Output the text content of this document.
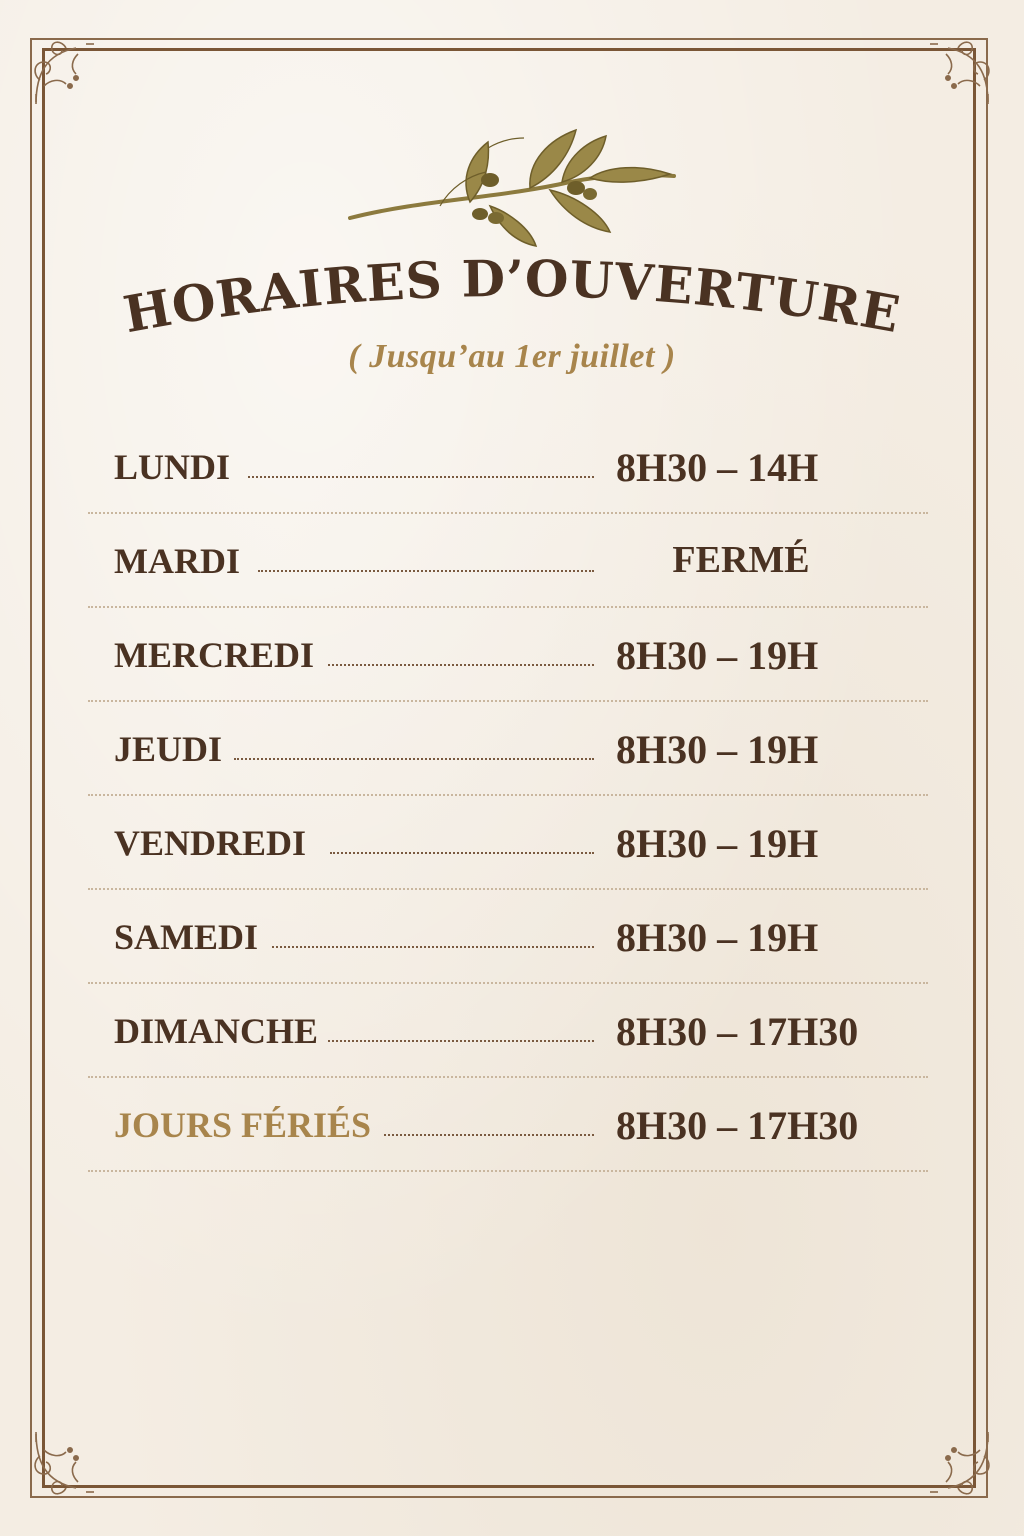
HORAIRES D’OUVERTURE
( Jusqu’au 1er juillet )
LUNDI	8H30 – 14H
MARDI	FERMÉ
MERCREDI	8H30 – 19H
JEUDI	8H30 – 19H
VENDREDI	8H30 – 19H
SAMEDI	8H30 – 19H
DIMANCHE	8H30 – 17H30
JOURS FÉRIÉS	8H30 – 17H30
